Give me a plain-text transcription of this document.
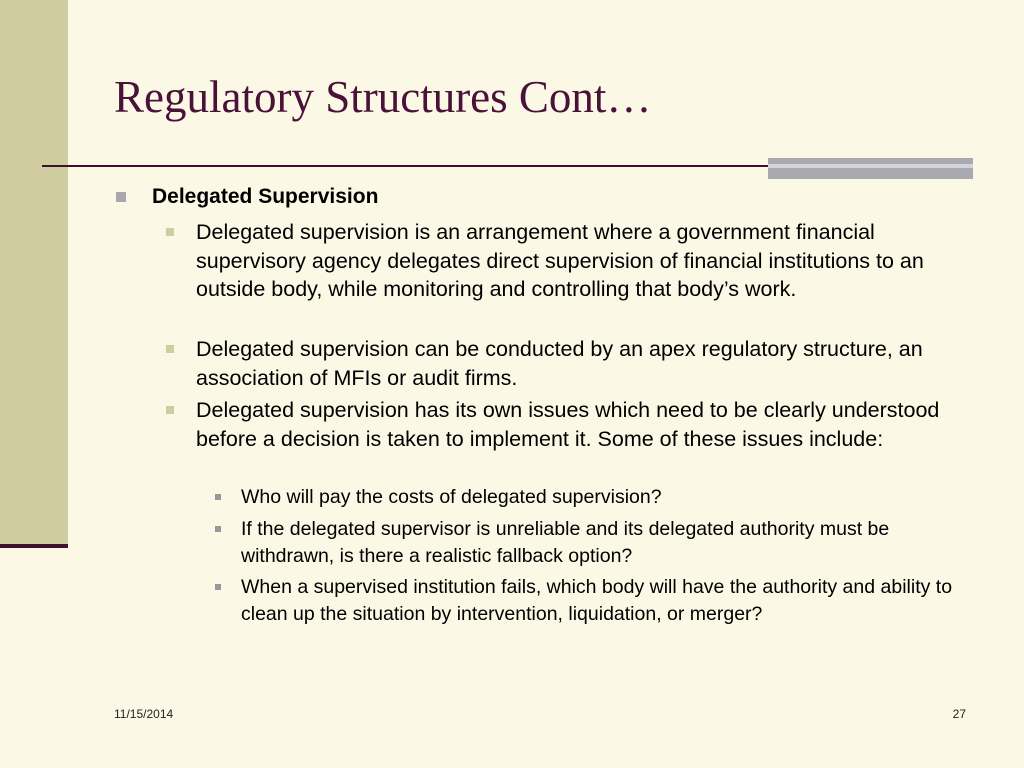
Regulatory Structures Cont…
Delegated Supervision
Delegated supervision is an arrangement where a government financial supervisory agency delegates direct supervision of financial institutions to an outside body, while monitoring and controlling that body’s work.
Delegated supervision can be conducted by an apex regulatory structure, an association of MFIs or audit firms.
Delegated supervision has its own issues which need to be clearly understood before a decision is taken to implement it. Some of these issues include:
Who will pay the costs of delegated supervision?
If the delegated supervisor is unreliable and its delegated authority must be withdrawn, is there a realistic fallback option?
When a supervised institution fails, which body will have the authority and ability to clean up the situation by intervention, liquidation, or merger?
11/15/2014	27
